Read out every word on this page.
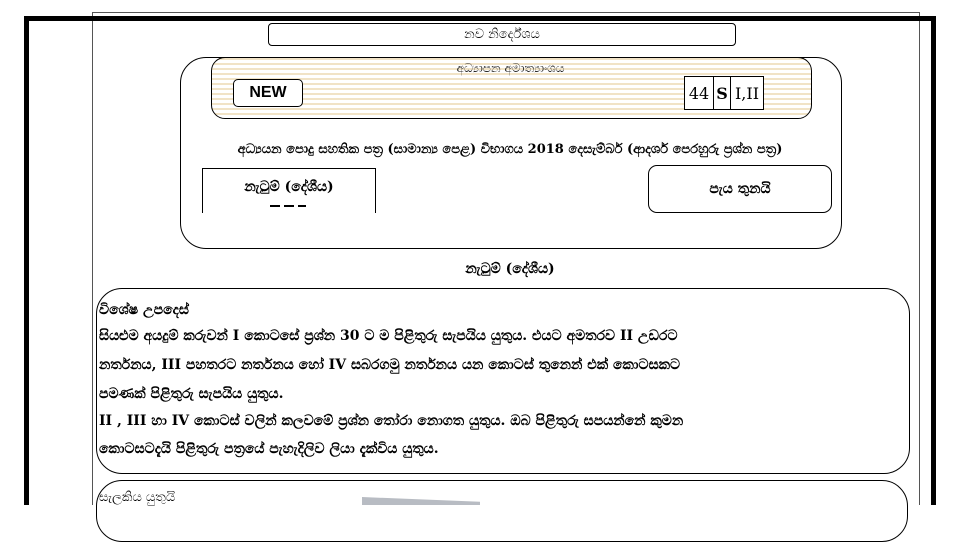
නව නිර්දේශය
අධ්‍යාපන අමාත්‍යාංශය
NEW	44 S I,II
අධ්‍යයන පොදු සහතික පත්‍ර (සාමාන්‍ය පෙළ) විභාගය 2018 දෙසැම්බර් (ආදර්ශ පෙරහුරු ප්‍රශ්න පත්‍ර)
නැටුම් (දේශීය)	පැය තුනයි
නැටුම් (දේශීය)
විශේෂ උපදෙස්
සියළුම අයදුම් කරුවන් I කොටසේ ප්‍රශ්න 30 ට ම පිළිතුරු සැපයිය යුතුය. එයට අමතරව II උඩරට
නර්තනය, III පහතරට නර්තනය හෝ IV සබරගමු නර්තනය යන කොටස් තුනෙන් එක් කොටසකට
පමණක් පිළිතුරු සැපයිය යුතුය.
II , III හා IV කොටස් වලින් කලවමේ ප්‍රශ්න තෝරා නොගත යුතුය. ඔබ පිළිතුරු සපයන්නේ කුමන
කොටසටදැයි පිළිතුරු පත්‍රයේ පැහැදිලිව ලියා දැක්විය යුතුය.
සැලකිය යුතුයි
